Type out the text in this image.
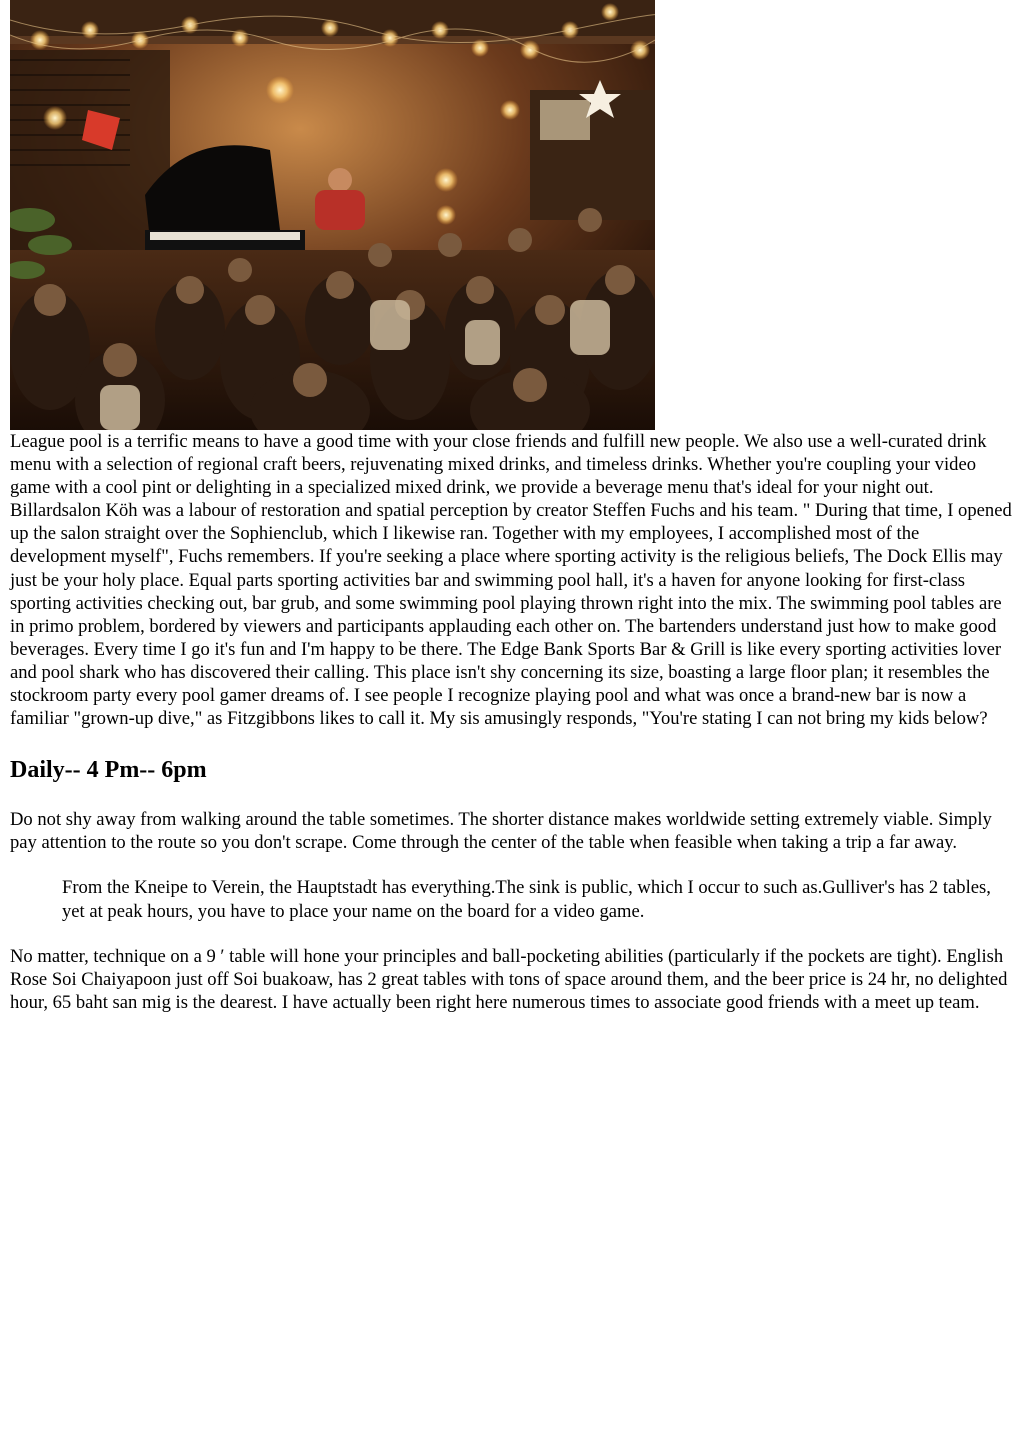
League pool is a terrific means to have a good time with your close friends and fulfill new people. We also use a well-curated drink menu with a selection of regional craft beers, rejuvenating mixed drinks, and timeless drinks. Whether you're coupling your video game with a cool pint or delighting in a specialized mixed drink, we provide a beverage menu that's ideal for your night out. Billardsalon Köh was a labour of restoration and spatial perception by creator Steffen Fuchs and his team. " During that time, I opened up the salon straight over the Sophienclub, which I likewise ran. Together with my employees, I accomplished most of the development myself", Fuchs remembers. If you're seeking a place where sporting activity is the religious beliefs, The Dock Ellis may just be your holy place. Equal parts sporting activities bar and swimming pool hall, it's a haven for anyone looking for first-class sporting activities checking out, bar grub, and some swimming pool playing thrown right into the mix. The swimming pool tables are in primo problem, bordered by viewers and participants applauding each other on. The bartenders understand just how to make good beverages. Every time I go it's fun and I'm happy to be there. The Edge Bank Sports Bar & Grill is like every sporting activities lover and pool shark who has discovered their calling. This place isn't shy concerning its size, boasting a large floor plan; it resembles the stockroom party every pool gamer dreams of. I see people I recognize playing pool and what was once a brand-new bar is now a familiar "grown-up dive," as Fitzgibbons likes to call it. My sis amusingly responds, "You're stating I can not bring my kids below?

Daily-- 4 Pm-- 6pm

Do not shy away from walking around the table sometimes. The shorter distance makes worldwide setting extremely viable. Simply pay attention to the route so you don't scrape. Come through the center of the table when feasible when taking a trip a far away.

From the Kneipe to Verein, the Hauptstadt has everything.The sink is public, which I occur to such as.Gulliver's has 2 tables, yet at peak hours, you have to place your name on the board for a video game.

No matter, technique on a 9 ′ table will hone your principles and ball-pocketing abilities (particularly if the pockets are tight). English Rose Soi Chaiyapoon just off Soi buakoaw, has 2 great tables with tons of space around them, and the beer price is 24 hr, no delighted hour, 65 baht san mig is the dearest. I have actually been right here numerous times to associate good friends with a meet up team.
